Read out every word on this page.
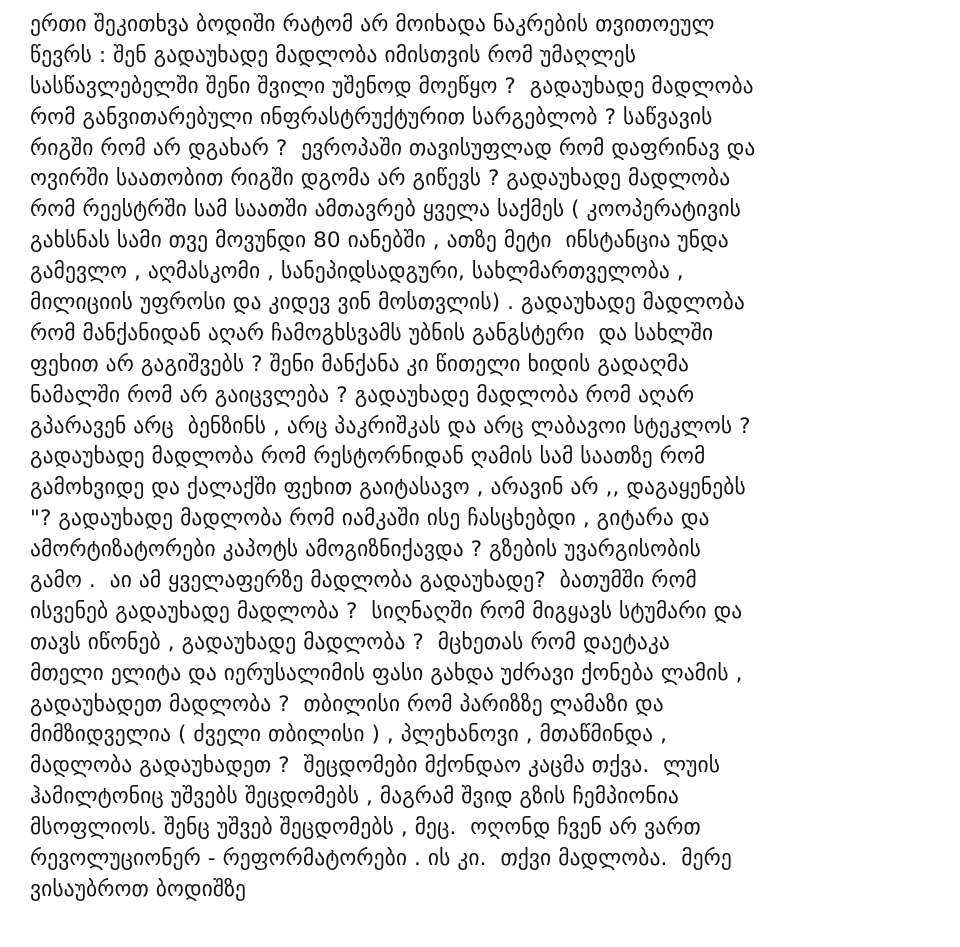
ერთი შეკითხვა ბოდიში რატომ არ მოიხადა ნაკრების თვითოეულ
წევრს : შენ გადაუხადე მადლობა იმისთვის რომ უმაღლეს
სასწავლებელში შენი შვილი უშენოდ მოეწყო ?  გადაუხადე მადლობა
რომ განვითარებული ინფრასტრუქტურით სარგებლობ ? საწვავის
რიგში რომ არ დგახარ ?  ევროპაში თავისუფლად რომ დაფრინავ და
ოვირში საათობით რიგში დგომა არ გიწევს ? გადაუხადე მადლობა
რომ რეესტრში სამ საათში ამთავრებ ყველა საქმეს ( კოოპერატივის
გახსნას სამი თვე მოვუნდი 80 იანებში , ათზე მეტი  ინსტანცია უნდა
გამევლო , აღმასკომი , სანეპიდსადგური, სახლმართველობა ,
მილიციის უფროსი და კიდევ ვინ მოსთვლის) . გადაუხადე მადლობა
რომ მანქანიდან აღარ ჩამოგხსვამს უბნის განგსტერი  და სახლში
ფეხით არ გაგიშვებს ? შენი მანქანა კი წითელი ხიდის გადაღმა
ნამალში რომ არ გაიცვლება ? გადაუხადე მადლობა რომ აღარ
გპარავენ არც  ბენზინს , არც პაკრიშკას და არც ლაბავოი სტეკლოს ?
გადაუხადე მადლობა რომ რესტორნიდან ღამის სამ საათზე რომ
გამოხვიდე და ქალაქში ფეხით გაიტასავო , არავინ არ ,, დაგაყენებს
"? გადაუხადე მადლობა რომ იამკაში ისე ჩასცხებდი , გიტარა და
ამორტიზატორები კაპოტს ამოგიზნიქავდა ? გზების უვარგისობის
გამო .  აი ამ ყველაფერზე მადლობა გადაუხადე?  ბათუმში რომ
ისვენებ გადაუხადე მადლობა ?  სიღნაღში რომ მიგყავს სტუმარი და
თავს იწონებ , გადაუხადე მადლობა ?  მცხეთას რომ დაეტაკა
მთელი ელიტა და იერუსალიმის ფასი გახდა უძრავი ქონება ლამის ,
გადაუხადეთ მადლობა ?  თბილისი რომ პარიზზე ლამაზი და
მიმზიდველია ( ძველი თბილისი ) , პლეხანოვი , მთაწმინდა ,
მადლობა გადაუხადეთ ?  შეცდომები მქონდაო კაცმა თქვა.  ლუის
ჰამილტონიც უშვებს შეცდომებს , მაგრამ შვიდ გზის ჩემპიონია
მსოფლიოს. შენც უშვებ შეცდომებს , მეც.  ოღონდ ჩვენ არ ვართ
რევოლუციონერ - რეფორმატორები . ის კი.  თქვი მადლობა.  მერე
ვისაუბროთ ბოდიშზე
